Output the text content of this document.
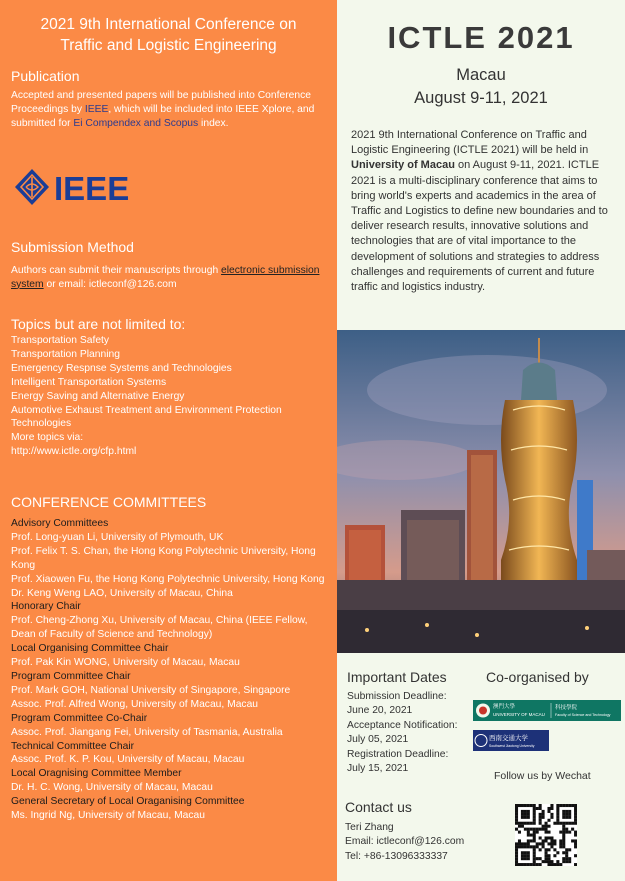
2021 9th International Conference on
Traffic and Logistic Engineering
Publication
Accepted and presented papers will be published into Conference Proceedings by IEEE, which will be included into IEEE Xplore, and submitted for Ei Compendex and Scopus index.
IEEE
Submission Method
Authors can submit their manuscripts through electronic submission system or email: ictleconf@126.com
Topics but are not limited to:
Transportation Safety
Transportation Planning
Emergency Respnse Systems and Technologies
Intelligent Transportation Systems
Energy Saving and Alternative Energy
Automotive Exhaust Treatment and Environment Protection Technologies
More topics via:
http://www.ictle.org/cfp.html
CONFERENCE COMMITTEES
Advisory Committees
Prof. Long-yuan Li, University of Plymouth, UK
Prof. Felix T. S. Chan, the Hong Kong Polytechnic University, Hong Kong
Prof. Xiaowen Fu, the Hong Kong Polytechnic University, Hong Kong
Dr. Keng Weng LAO, University of Macau, China
Honorary Chair
Prof. Cheng-Zhong Xu, University of Macau, China (IEEE Fellow, Dean of Faculty of Science and Technology)
Local Organising Committee Chair
Prof. Pak Kin WONG, University of Macau, Macau
Program Committee Chair
Prof. Mark GOH, National University of Singapore, Singapore
Assoc. Prof. Alfred Wong, University of Macau, Macau
Program Committee Co-Chair
Assoc. Prof. Jiangang Fei, University of Tasmania, Australia
Technical Committee Chair
Assoc. Prof. K. P. Kou, University of Macau, Macau
Local Oragnising Committee Member
Dr. H. C. Wong, University of Macau, Macau
General Secretary of Local Oraganising Committee
Ms. Ingrid Ng, University of Macau, Macau
ICTLE 2021
Macau
August 9-11, 2021
2021 9th International Conference on Traffic and Logistic Engineering (ICTLE 2021) will be held in University of Macau on August 9-11, 2021. ICTLE 2021 is a multi-disciplinary conference that aims to bring world's experts and academics in the area of Traffic and Logistics to define new boundaries and to deliver research results, innovative solutions and technologies that are of vital importance to the development of solutions and strategies to address challenges and requirements of current and future traffic and logistics industry.
Important Dates
Submission Deadline:
June 20, 2021
Acceptance Notification:
July 05, 2021
Registration Deadline:
July 15, 2021
Co-organised by
澳門大學
UNIVERSITY OF MACAU
科技學院
Faculty of Science and Technology
西南交通大学
Southwest Jiaotong University
Follow us by Wechat
Contact us
Teri Zhang
Email: ictleconf@126.com
Tel: +86-13096333337
